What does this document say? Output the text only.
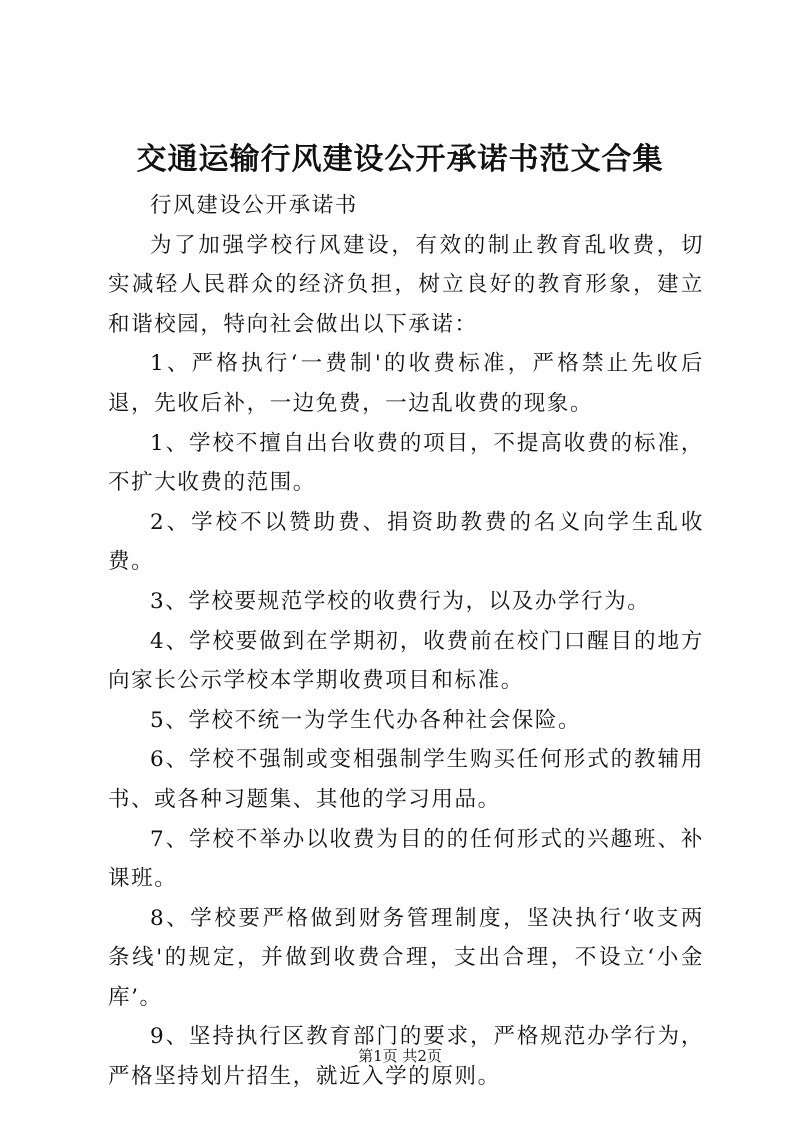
交通运输行风建设公开承诺书范文合集

行风建设公开承诺书

为了加强学校行风建设，有效的制止教育乱收费，切实减轻人民群众的经济负担，树立良好的教育形象，建立和谐校园，特向社会做出以下承诺：

1、严格执行‘一费制'的收费标准，严格禁止先收后退，先收后补，一边免费，一边乱收费的现象。

1、学校不擅自出台收费的项目，不提高收费的标准，不扩大收费的范围。

2、学校不以赞助费、捐资助教费的名义向学生乱收费。

3、学校要规范学校的收费行为，以及办学行为。

4、学校要做到在学期初，收费前在校门口醒目的地方向家长公示学校本学期收费项目和标准。

5、学校不统一为学生代办各种社会保险。

6、学校不强制或变相强制学生购买任何形式的教辅用书、或各种习题集、其他的学习用品。

7、学校不举办以收费为目的的任何形式的兴趣班、补课班。

8、学校要严格做到财务管理制度，坚决执行‘收支两条线'的规定，并做到收费合理，支出合理，不设立‘小金库’。

9、坚持执行区教育部门的要求，严格规范办学行为，严格坚持划片招生，就近入学的原则。

第1页 共2页
